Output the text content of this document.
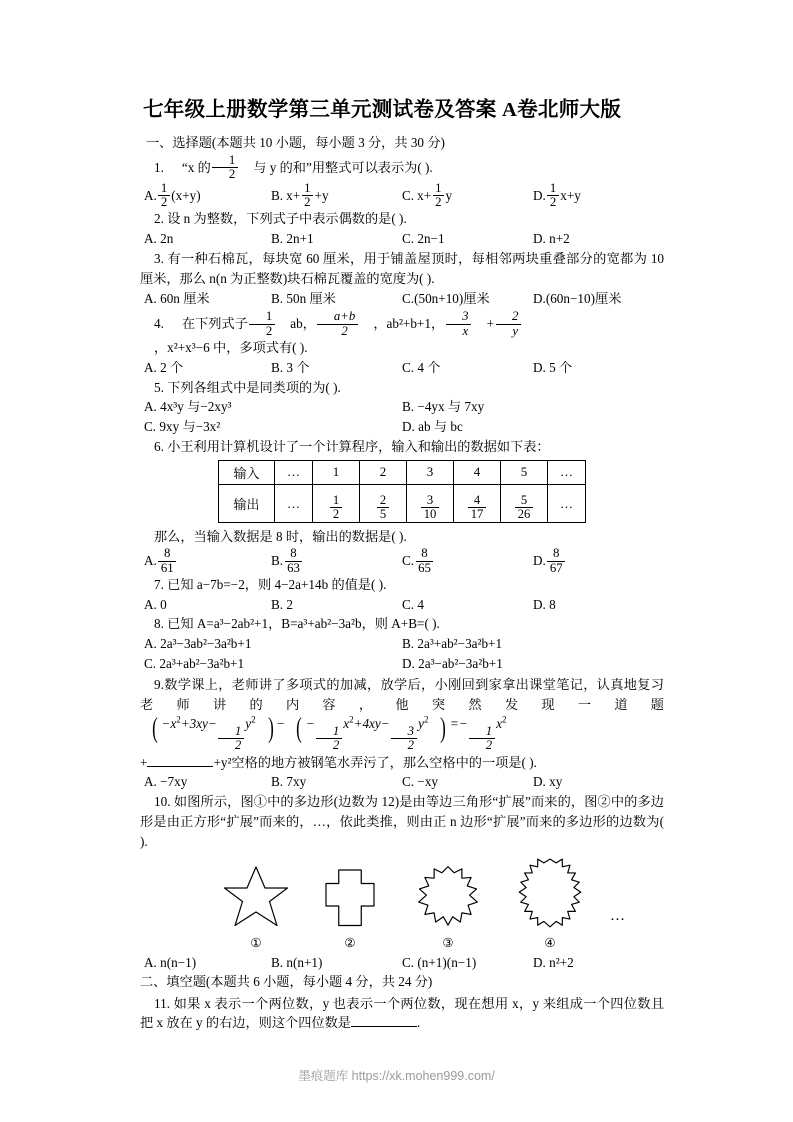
七年级上册数学第三单元测试卷及答案 A卷北师大版
一、选择题(本题共 10 小题，每小题 3 分，共 30 分)
1.	“x 的 $\frac{1}{2}$	与 y 的和”用整式可以表示为( ).
A. $\frac{1}{2} (x+y)$	B. $x+ \frac{1}{2} +y$	C. $x+ \frac{1}{2}$ y	D. $\frac{1}{2} x+y$
2. 设 n 为整数，下列式子中表示偶数的是( ).
A. 2n	B. 2n+1	C. 2n−1	D. n+2
3. 有一种石棉瓦，每块宽 60 厘米，用于铺盖屋顶时，每相邻两块重叠部分的宽都为 10 厘米，那么 n(n 为正整数)块石棉瓦覆盖的宽度为( ).
A. 60n 厘米	B. 50n 厘米	C.(50n+10)厘米	D.(60n−10)厘米
4.	在下列式子 $\frac{1}{2}$	ab， $\frac{a+b}{2}$	，ab²+b+1， $\frac{3}{x}$	+ $\frac{2}{y}$
，x²+x³−6 中，多项式有( ).
A. 2 个	B. 3 个	C. 4 个	D. 5 个
5. 下列各组式中是同类项的为( ).
A. 4x³y 与−2xy³	B. −4yx 与 7xy
C. 9xy 与−3x²	D. ab 与 bc
6. 小王利用计算机设计了一个计算程序，输入和输出的数据如下表：
输入	…	1	2	3	4	5	…
输出	…	$\frac{1}{2}$	$\frac{2}{5}$	$\frac{3}{10}$	$\frac{4}{17}$	$\frac{5}{26}$	…
那么，当输入数据是 8 时，输出的数据是( ).
A. $\frac{8}{61}$	B. $\frac{8}{63}$	C. $\frac{8}{65}$	D. $\frac{8}{67}$
7. 已知 a−7b=−2，则 4−2a+14b 的值是( ).
A. 0	B. 2	C. 4	D. 8
8. 已知 A=a³−2ab²+1，B=a³+ab²−3a²b，则 A+B=( ).
A. 2a³−3ab²−3a²b+1	B. 2a³+ab²−3a²b+1
C. 2a³+ab²−3a²b+1	D. 2a³−ab²−3a²b+1
9.数学课上，老师讲了多项式的加减，放学后，小刚回到家拿出课堂笔记，认真地复习老师讲的内容，他突然发现一道题( $-x^2+3xy-$
$\frac{1}{2}$
$y^2$ ) − ( −
$\frac{1}{2}$
$x^2+4xy-$
$\frac{3}{2}$
$y^2$ ) =−
$\frac{1}{2}$
$x^2$
+	+y²空格的地方被钢笔水弄污了，那么空格中的一项是( ).
A. −7xy	B. 7xy	C. −xy	D. xy
10. 如图所示，图①中的多边形(边数为 12)是由等边三角形“扩展”而来的，图②中的多边形是由正方形“扩展”而来的，…，依此类推，则由正 n 边形“扩展”而来的多边形的边数为( ).
①	②	③	④
…
A. n(n−1)	B. n(n+1)	C. (n+1)(n−1)	D. n²+2
二、填空题(本题共 6 小题，每小题 4 分，共 24 分)
11. 如果 x 表示一个两位数，y 也表示一个两位数，现在想用 x，y 来组成一个四位数且把 x 放在 y 的右边，则这个四位数是	.
墨痕题库 https://xk.mohen999.com/
